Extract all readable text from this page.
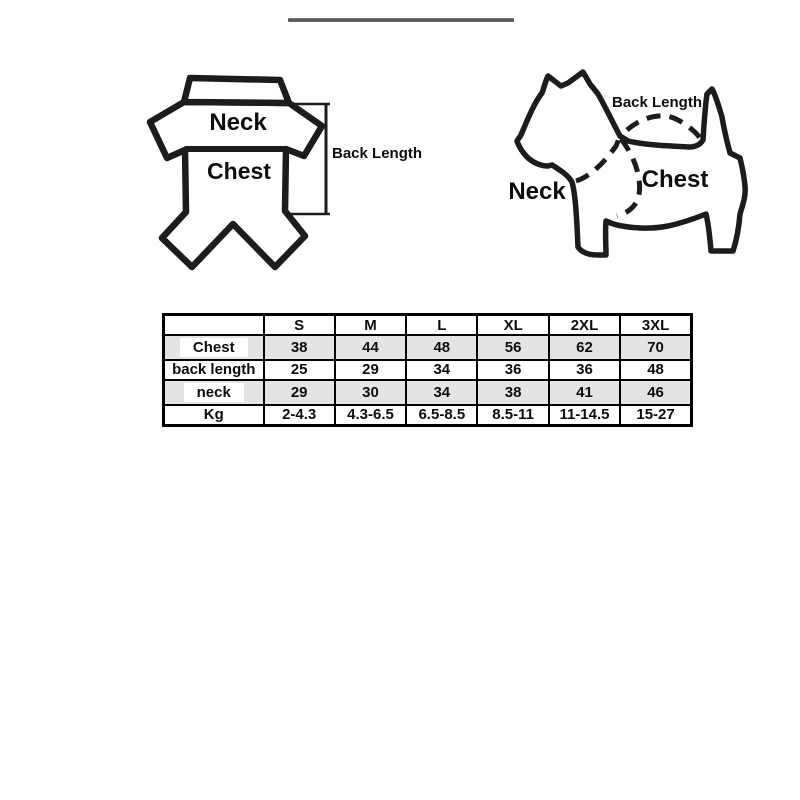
Neck
Chest
Back Length
Back Length
Neck	Chest
	S	M	L	XL	2XL	3XL
Chest	38	44	48	56	62	70
back length	25	29	34	36	36	48
neck	29	30	34	38	41	46
Kg	2-4.3	4.3-6.5	6.5-8.5	8.5-11	11-14.5	15-27
